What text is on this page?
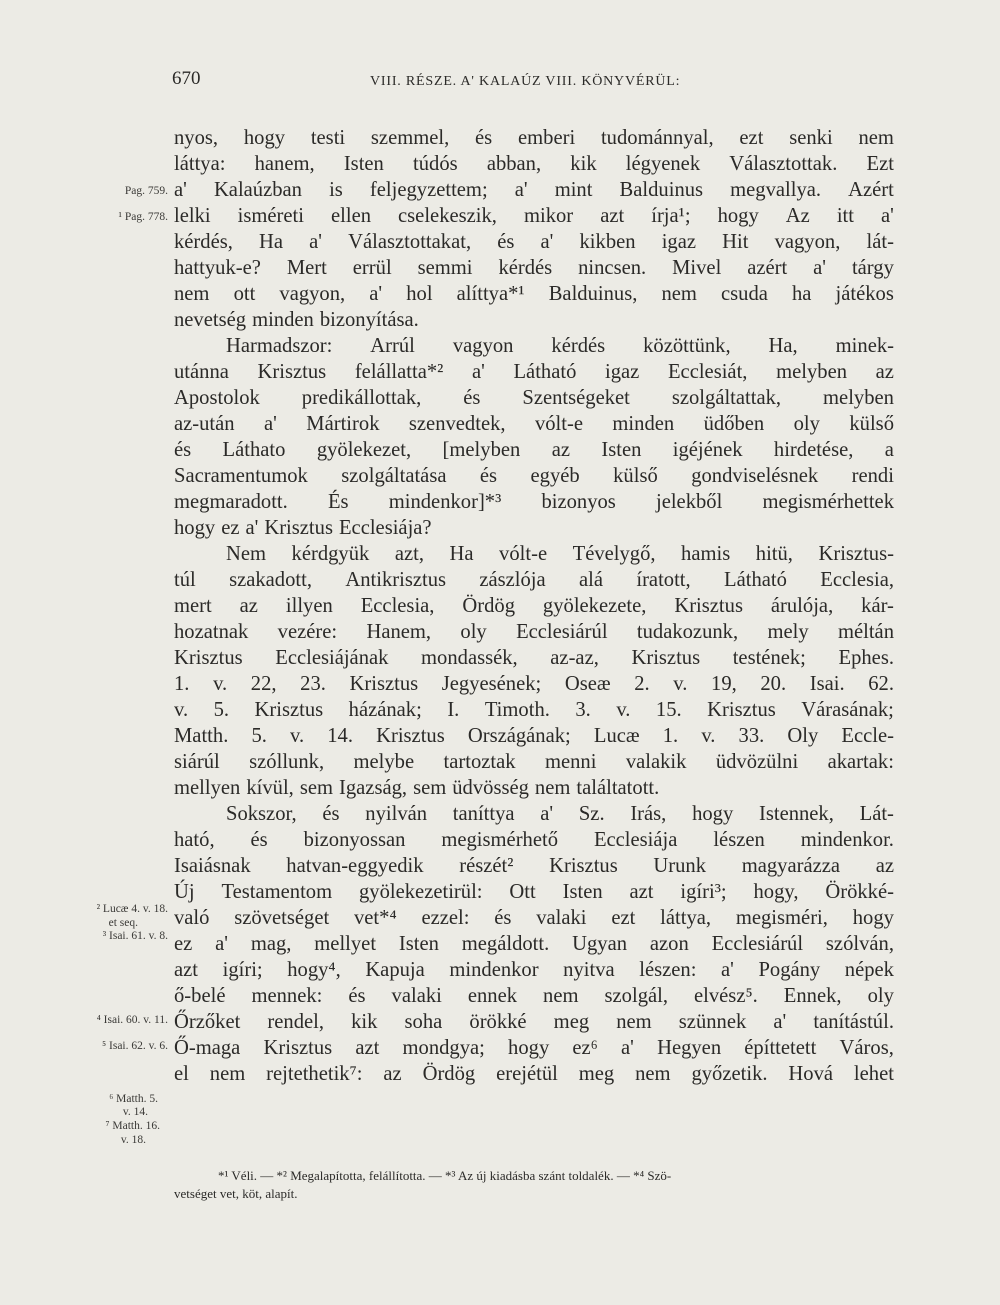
670	VIII. RÉSZE. A' KALAÚZ VIII. KÖNYVÉRÜL:
nyos, hogy testi szemmel, és emberi tudománnyal, ezt senki nem
láttya: hanem, Isten túdós abban, kik légyenek Választottak. Ezt
a' Kalaúzban is feljegyzettem; a' mint Balduinus megvallya. Azért
lelki isméreti ellen cselekeszik, mikor azt írja¹; hogy Az itt a'
kérdés, Ha a' Választottakat, és a' kikben igaz Hit vagyon, lát-
hattyuk-e? Mert errül semmi kérdés nincsen. Mivel azért a' tárgy
nem ott vagyon, a' hol alíttya*¹ Balduinus, nem csuda ha játékos
nevetség minden bizonyítása.
Harmadszor: Arrúl vagyon kérdés közöttünk, Ha, minek-
utánna Krisztus felállatta*² a' Látható igaz Ecclesiát, melyben az
Apostolok predikállottak, és Szentségeket szolgáltattak, melyben
az-után a' Mártirok szenvedtek, vólt-e minden üdőben oly külső
és Láthato gyölekezet, [melyben az Isten igéjének hirdetése, a
Sacramentumok szolgáltatása és egyéb külső gondviselésnek rendi
megmaradott. És mindenkor]*³ bizonyos jelekből megismérhettek
hogy ez a' Krisztus Ecclesiája?
Nem kérdgyük azt, Ha vólt-e Tévelygő, hamis hitü, Krisztus-
túl szakadott, Antikrisztus zászlója alá íratott, Látható Ecclesia,
mert az illyen Ecclesia, Ördög gyölekezete, Krisztus árulója, kár-
hozatnak vezére: Hanem, oly Ecclesiárúl tudakozunk, mely méltán
Krisztus Ecclesiájának mondassék, az-az, Krisztus testének; Ephes.
1. v. 22, 23. Krisztus Jegyesének; Oseæ 2. v. 19, 20. Isai. 62.
v. 5. Krisztus házának; I. Timoth. 3. v. 15. Krisztus Várasának;
Matth. 5. v. 14. Krisztus Országának; Lucæ 1. v. 33. Oly Eccle-
siárúl szóllunk, melybe tartoztak menni valakik üdvözülni akartak:
mellyen kívül, sem Igazság, sem üdvösség nem találtatott.
Sokszor, és nyilván taníttya a' Sz. Irás, hogy Istennek, Lát-
ható, és bizonyossan megismérhető Ecclesiája lészen mindenkor.
Isaiásnak hatvan-eggyedik részét² Krisztus Urunk magyarázza az
Új Testamentom gyölekezetirül: Ott Isten azt igíri³; hogy, Örökké-
való szövetséget vet*⁴ ezzel: és valaki ezt láttya, megisméri, hogy
ez a' mag, mellyet Isten megáldott. Ugyan azon Ecclesiárúl szólván,
azt igíri; hogy⁴, Kapuja mindenkor nyitva lészen: a' Pogány népek
ő-belé mennek: és valaki ennek nem szolgál, elvész⁵. Ennek, oly
Őrzőket rendel, kik soha örökké meg nem szünnek a' tanítástúl.
Ő-maga Krisztus azt mondgya; hogy ez⁶ a' Hegyen építtetett Város,
el nem rejtethetik⁷: az Ördög erejétül meg nem győzetik. Hová lehet
Pag. 759.
¹ Pag. 778.
² Lucæ 4. v. 18.
et seq.
³ Isai. 61. v. 8.
⁴ Isai. 60. v. 11.
⁵ Isai. 62. v. 6.
⁶ Matth. 5.
v. 14.
⁷ Matth. 16.
v. 18.
*¹ Véli. — *² Megalapította, felállította. — *³ Az új kiadásba szánt toldalék. — *⁴ Szö-
vetséget vet, köt, alapít.
